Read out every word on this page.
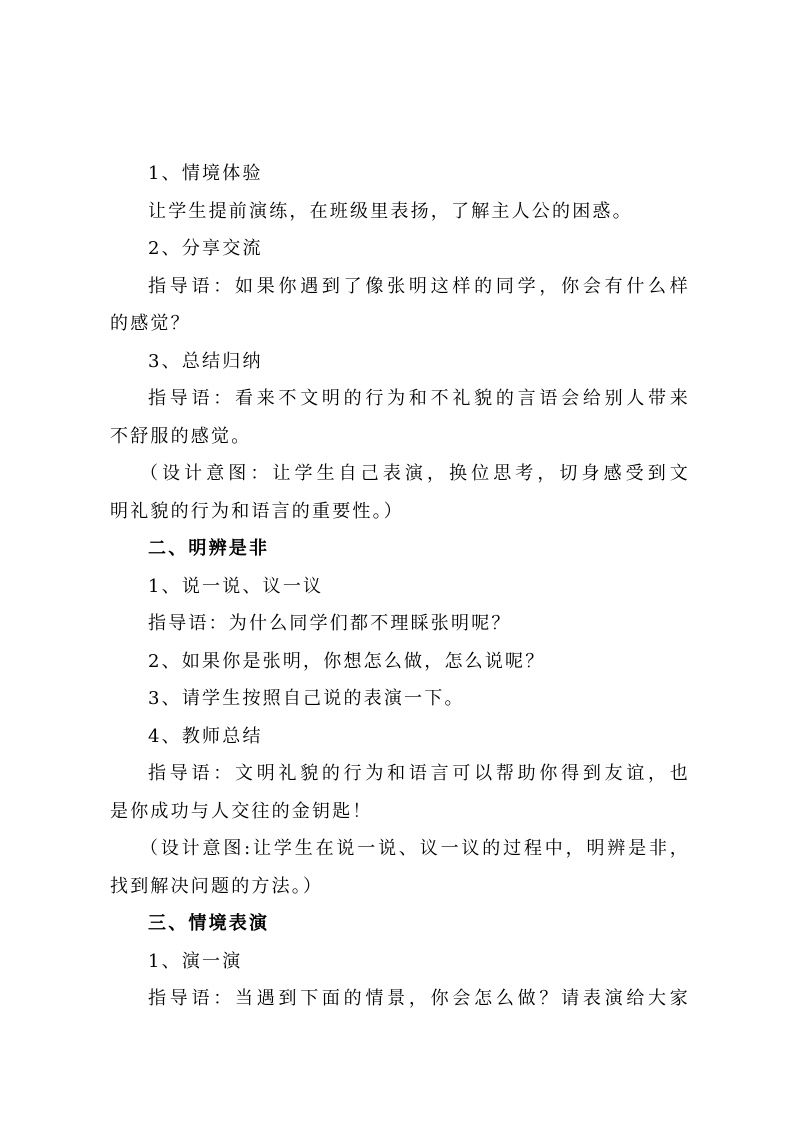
1、情境体验
让学生提前演练，在班级里表扬，了解主人公的困惑。
2、分享交流
指导语：如果你遇到了像张明这样的同学，你会有什么样
的感觉？
3、总结归纳
指导语：看来不文明的行为和不礼貌的言语会给别人带来
不舒服的感觉。
（设计意图：让学生自己表演，换位思考，切身感受到文
明礼貌的行为和语言的重要性。）
二、明辨是非
1、说一说、议一议
指导语：为什么同学们都不理睬张明呢？
2、如果你是张明，你想怎么做，怎么说呢？
3、请学生按照自己说的表演一下。
4、教师总结
指导语：文明礼貌的行为和语言可以帮助你得到友谊，也
是你成功与人交往的金钥匙！
（设计意图:让学生在说一说、议一议的过程中，明辨是非，
找到解决问题的方法。）
三、情境表演
1、演一演
指导语：当遇到下面的情景，你会怎么做？请表演给大家
